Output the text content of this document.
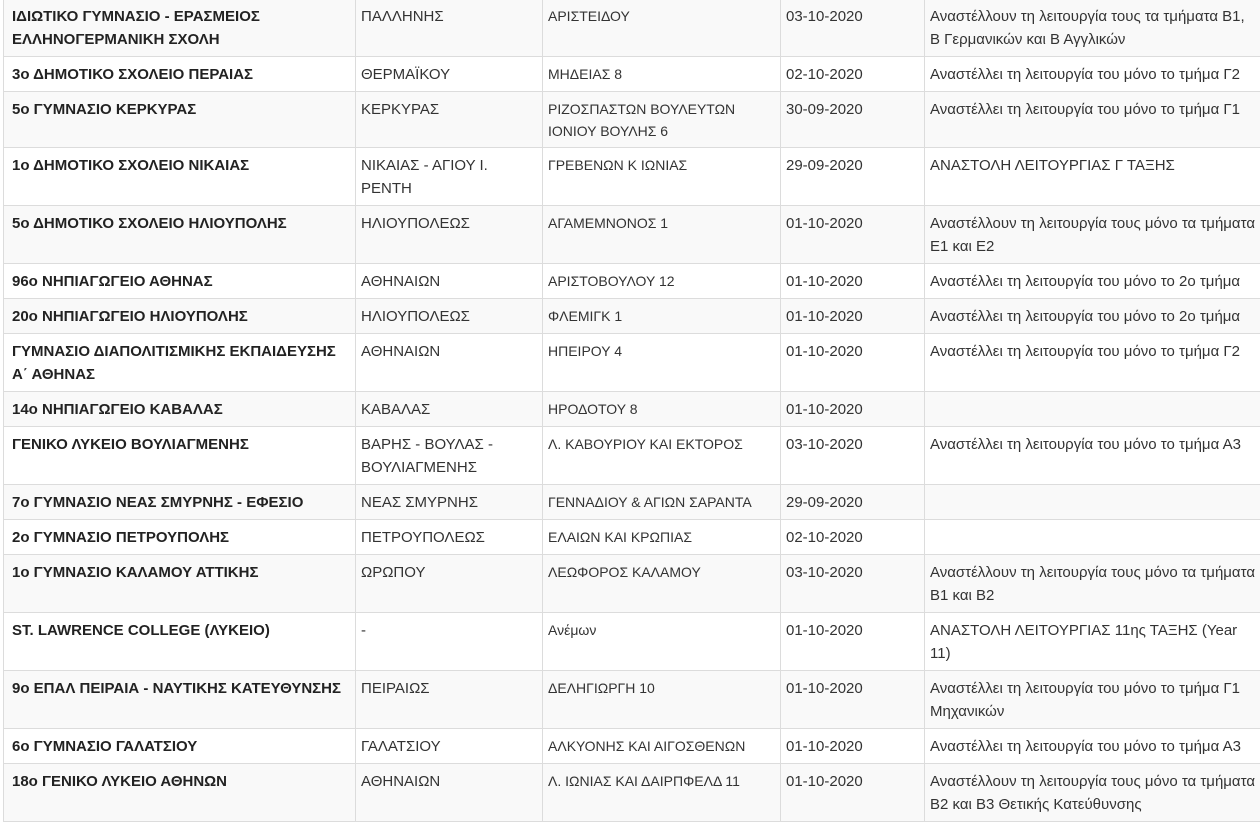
ΙΔΙΩΤΙΚΟ ΓΥΜΝΑΣΙΟ - ΕΡΑΣΜΕΙΟΣ ΕΛΛΗΝΟΓΕΡΜΑΝΙΚΗ ΣΧΟΛΗ	ΠΑΛΛΗΝΗΣ	ΑΡΙΣΤΕΙΔΟΥ	03-10-2020	Αναστέλλουν τη λειτουργία τους τα τμήματα Β1, Β Γερμανικών και Β Αγγλικών
3ο ΔΗΜΟΤΙΚΟ ΣΧΟΛΕΙΟ ΠΕΡΑΙΑΣ	ΘΕΡΜΑΪΚΟΥ	ΜΗΔΕΙΑΣ 8	02-10-2020	Αναστέλλει τη λειτουργία του μόνο το τμήμα Γ2
5ο ΓΥΜΝΑΣΙΟ ΚΕΡΚΥΡΑΣ	ΚΕΡΚΥΡΑΣ	ΡΙΖΟΣΠΑΣΤΩΝ ΒΟΥΛΕΥΤΩΝ ΙΟΝΙΟΥ ΒΟΥΛΗΣ 6	30-09-2020	Αναστέλλει τη λειτουργία του μόνο το τμήμα Γ1
1ο ΔΗΜΟΤΙΚΟ ΣΧΟΛΕΙΟ ΝΙΚΑΙΑΣ	ΝΙΚΑΙΑΣ - ΑΓΙΟΥ Ι. ΡΕΝΤΗ	ΓΡΕΒΕΝΩΝ Κ ΙΩΝΙΑΣ	29-09-2020	ΑΝΑΣΤΟΛΗ ΛΕΙΤΟΥΡΓΙΑΣ Γ ΤΑΞΗΣ
5ο ΔΗΜΟΤΙΚΟ ΣΧΟΛΕΙΟ ΗΛΙΟΥΠΟΛΗΣ	ΗΛΙΟΥΠΟΛΕΩΣ	ΑΓΑΜΕΜΝΟΝΟΣ 1	01-10-2020	Αναστέλλουν τη λειτουργία τους μόνο τα τμήματα Ε1 και Ε2
96ο ΝΗΠΙΑΓΩΓΕΙΟ ΑΘΗΝΑΣ	ΑΘΗΝΑΙΩΝ	ΑΡΙΣΤΟΒΟΥΛΟΥ 12	01-10-2020	Αναστέλλει τη λειτουργία του μόνο το 2ο τμήμα
20ο ΝΗΠΙΑΓΩΓΕΙΟ ΗΛΙΟΥΠΟΛΗΣ	ΗΛΙΟΥΠΟΛΕΩΣ	ΦΛΕΜΙΓΚ 1	01-10-2020	Αναστέλλει τη λειτουργία του μόνο το 2ο τμήμα
ΓΥΜΝΑΣΙΟ ΔΙΑΠΟΛΙΤΙΣΜΙΚΗΣ ΕΚΠΑΙΔΕΥΣΗΣ Α΄ ΑΘΗΝΑΣ	ΑΘΗΝΑΙΩΝ	ΗΠΕΙΡΟΥ 4	01-10-2020	Αναστέλλει τη λειτουργία του μόνο το τμήμα Γ2
14ο ΝΗΠΙΑΓΩΓΕΙΟ ΚΑΒΑΛΑΣ	ΚΑΒΑΛΑΣ	ΗΡΟΔΟΤΟΥ 8	01-10-2020	
ΓΕΝΙΚΟ ΛΥΚΕΙΟ ΒΟΥΛΙΑΓΜΕΝΗΣ	ΒΑΡΗΣ - ΒΟΥΛΑΣ - ΒΟΥΛΙΑΓΜΕΝΗΣ	Λ. ΚΑΒΟΥΡΙΟΥ ΚΑΙ ΕΚΤΟΡΟΣ	03-10-2020	Αναστέλλει τη λειτουργία του μόνο το τμήμα Α3
7ο ΓΥΜΝΑΣΙΟ ΝΕΑΣ ΣΜΥΡΝΗΣ - ΕΦΕΣΙΟ	ΝΕΑΣ ΣΜΥΡΝΗΣ	ΓΕΝΝΑΔΙΟΥ & ΑΓΙΩΝ ΣΑΡΑΝΤΑ	29-09-2020	
2ο ΓΥΜΝΑΣΙΟ ΠΕΤΡΟΥΠΟΛΗΣ	ΠΕΤΡΟΥΠΟΛΕΩΣ	ΕΛΑΙΩΝ ΚΑΙ ΚΡΩΠΙΑΣ	02-10-2020	
1ο ΓΥΜΝΑΣΙΟ ΚΑΛΑΜΟΥ ΑΤΤΙΚΗΣ	ΩΡΩΠΟΥ	ΛΕΩΦΟΡΟΣ ΚΑΛΑΜΟΥ	03-10-2020	Αναστέλλουν τη λειτουργία τους μόνο τα τμήματα Β1 και Β2
ST. LAWRENCE COLLEGE (ΛΥΚΕΙΟ)	-	Ανέμων	01-10-2020	ΑΝΑΣΤΟΛΗ ΛΕΙΤΟΥΡΓΙΑΣ 11ης ΤΑΞΗΣ (Year 11)
9ο ΕΠΑΛ ΠΕΙΡΑΙΑ - ΝΑΥΤΙΚΗΣ ΚΑΤΕΥΘΥΝΣΗΣ	ΠΕΙΡΑΙΩΣ	ΔΕΛΗΓΙΩΡΓΗ 10	01-10-2020	Αναστέλλει τη λειτουργία του μόνο το τμήμα Γ1 Μηχανικών
6ο ΓΥΜΝΑΣΙΟ ΓΑΛΑΤΣΙΟΥ	ΓΑΛΑΤΣΙΟΥ	ΑΛΚΥΟΝΗΣ ΚΑΙ ΑΙΓΟΣΘΕΝΩΝ	01-10-2020	Αναστέλλει τη λειτουργία του μόνο το τμήμα Α3
18ο ΓΕΝΙΚΟ ΛΥΚΕΙΟ ΑΘΗΝΩΝ	ΑΘΗΝΑΙΩΝ	Λ. ΙΩΝΙΑΣ ΚΑΙ ΔΑΙΡΠΦΕΛΔ 11	01-10-2020	Αναστέλλουν τη λειτουργία τους μόνο τα τμήματα Β2 και Β3 Θετικής Κατεύθυνσης
